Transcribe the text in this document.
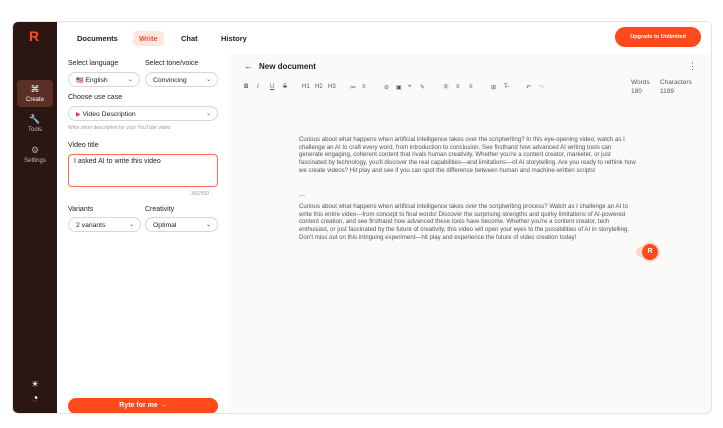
R
⌘
Create
🔧
Tools
⚙
Settings
☀
◔
Documents	Write	Chat	History	Upgrade to Unlimited
Select language
🇺🇸 English	⌄
Select tone/voice
Convincing	⌄
Choose use case
▶ Video Description	⌄
Write short description for your YouTube video
Video title
I asked AI to write this video
30/2500
Variants
2 variants	⌄
Creativity
Optimal	⌄
Ryte for me →
← New document	⋮
B I U S H1 H2 H3 ≔ ≡	⊘ ▣ ❝ ✎	≡ ≡ ≡	⊞ T̶	↶ ↷
Words
180
Characters
1199
Curious about what happens when artificial intelligence takes over the scriptwriting? In this eye-opening video, watch as I challenge an AI to craft every word, from introduction to conclusion. See firsthand how advanced AI writing tools can generate engaging, coherent content that rivals human creativity. Whether you're a content creator, marketer, or just fascinated by technology, you'll discover the real capabilities—and limitations—of AI storytelling. Are you ready to rethink how we create videos? Hit play and see if you can spot the difference between human and machine-written scripts!
—
Curious about what happens when artificial intelligence takes over the scriptwriting process? Watch as I challenge an AI to write this entire video—from concept to final words! Discover the surprising strengths and quirky limitations of AI-powered content creation, and see firsthand how advanced these tools have become. Whether you're a content creator, tech enthusiast, or just fascinated by the future of creativity, this video will open your eyes to the possibilities of AI in storytelling. Don't miss out on this intriguing experiment—hit play and experience the future of video creation today!
R
